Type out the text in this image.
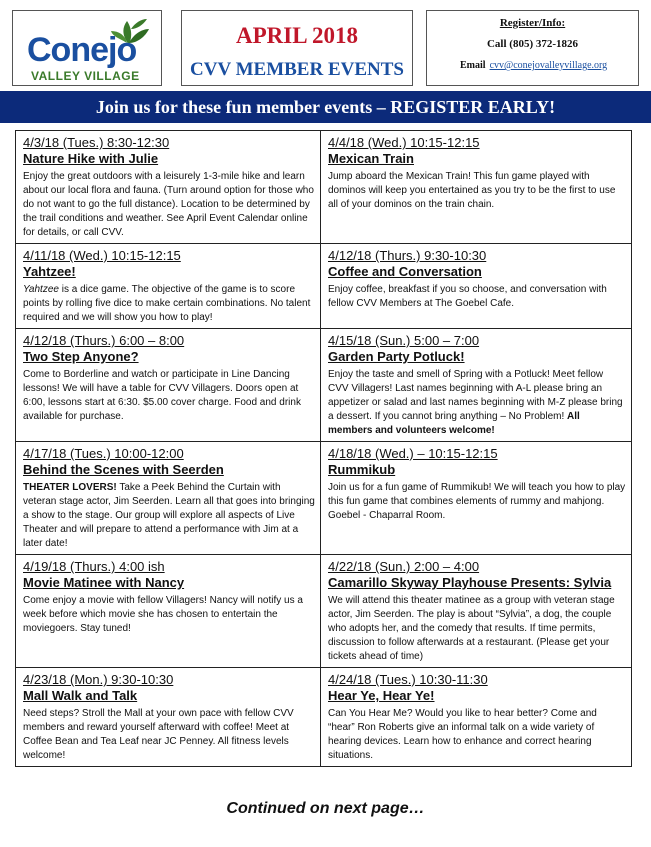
Conejo
VALLEY VILLAGE
APRIL 2018
CVV MEMBER EVENTS
Register/Info:
Call (805) 372-1826
Email cvv@conejovalleyvillage.org
Join us for these fun member events – REGISTER EARLY!
4/3/18 (Tues.) 8:30-12:30
Nature Hike with Julie
Enjoy the great outdoors with a leisurely 1-3-mile hike and learn about our local flora and fauna. (Turn around option for those who do not want to go the full distance). Location to be determined by the trail conditions and weather. See April Event Calendar online for details, or call CVV.
4/4/18 (Wed.) 10:15-12:15
Mexican Train
Jump aboard the Mexican Train! This fun game played with dominos will keep you entertained as you try to be the first to use all of your dominos on the train chain.
4/11/18 (Wed.) 10:15-12:15
Yahtzee!
Yahtzee is a dice game. The objective of the game is to score points by rolling five dice to make certain combinations. No talent required and we will show you how to play!
4/12/18 (Thurs.) 9:30-10:30
Coffee and Conversation
Enjoy coffee, breakfast if you so choose, and conversation with fellow CVV Members at The Goebel Cafe.
4/12/18 (Thurs.) 6:00 – 8:00
Two Step Anyone?
Come to Borderline and watch or participate in Line Dancing lessons! We will have a table for CVV Villagers. Doors open at 6:00, lessons start at 6:30. $5.00 cover charge. Food and drink available for purchase.
4/15/18 (Sun.) 5:00 – 7:00
Garden Party Potluck!
Enjoy the taste and smell of Spring with a Potluck! Meet fellow CVV Villagers! Last names beginning with A-L please bring an appetizer or salad and last names beginning with M-Z please bring a dessert. If you cannot bring anything – No Problem! All members and volunteers welcome!
4/17/18 (Tues.) 10:00-12:00
Behind the Scenes with Seerden
THEATER LOVERS! Take a Peek Behind the Curtain with veteran stage actor, Jim Seerden. Learn all that goes into bringing a show to the stage. Our group will explore all aspects of Live Theater and will prepare to attend a performance with Jim at a later date!
4/18/18 (Wed.) – 10:15-12:15
Rummikub
Join us for a fun game of Rummikub! We will teach you how to play this fun game that combines elements of rummy and mahjong.
Goebel - Chaparral Room.
4/19/18 (Thurs.) 4:00 ish
Movie Matinee with Nancy
Come enjoy a movie with fellow Villagers! Nancy will notify us a week before which movie she has chosen to entertain the moviegoers. Stay tuned!
4/22/18 (Sun.) 2:00 – 4:00
Camarillo Skyway Playhouse Presents: Sylvia
We will attend this theater matinee as a group with veteran stage actor, Jim Seerden. The play is about “Sylvia”, a dog, the couple who adopts her, and the comedy that results. If time permits, discussion to follow afterwards at a restaurant. (Please get your tickets ahead of time)
4/23/18 (Mon.) 9:30-10:30
Mall Walk and Talk
Need steps? Stroll the Mall at your own pace with fellow CVV members and reward yourself afterward with coffee! Meet at Coffee Bean and Tea Leaf near JC Penney. All fitness levels welcome!
4/24/18 (Tues.) 10:30-11:30
Hear Ye, Hear Ye!
Can You Hear Me? Would you like to hear better? Come and “hear” Ron Roberts give an informal talk on a wide variety of hearing devices. Learn how to enhance and correct hearing situations.
Continued on next page…
